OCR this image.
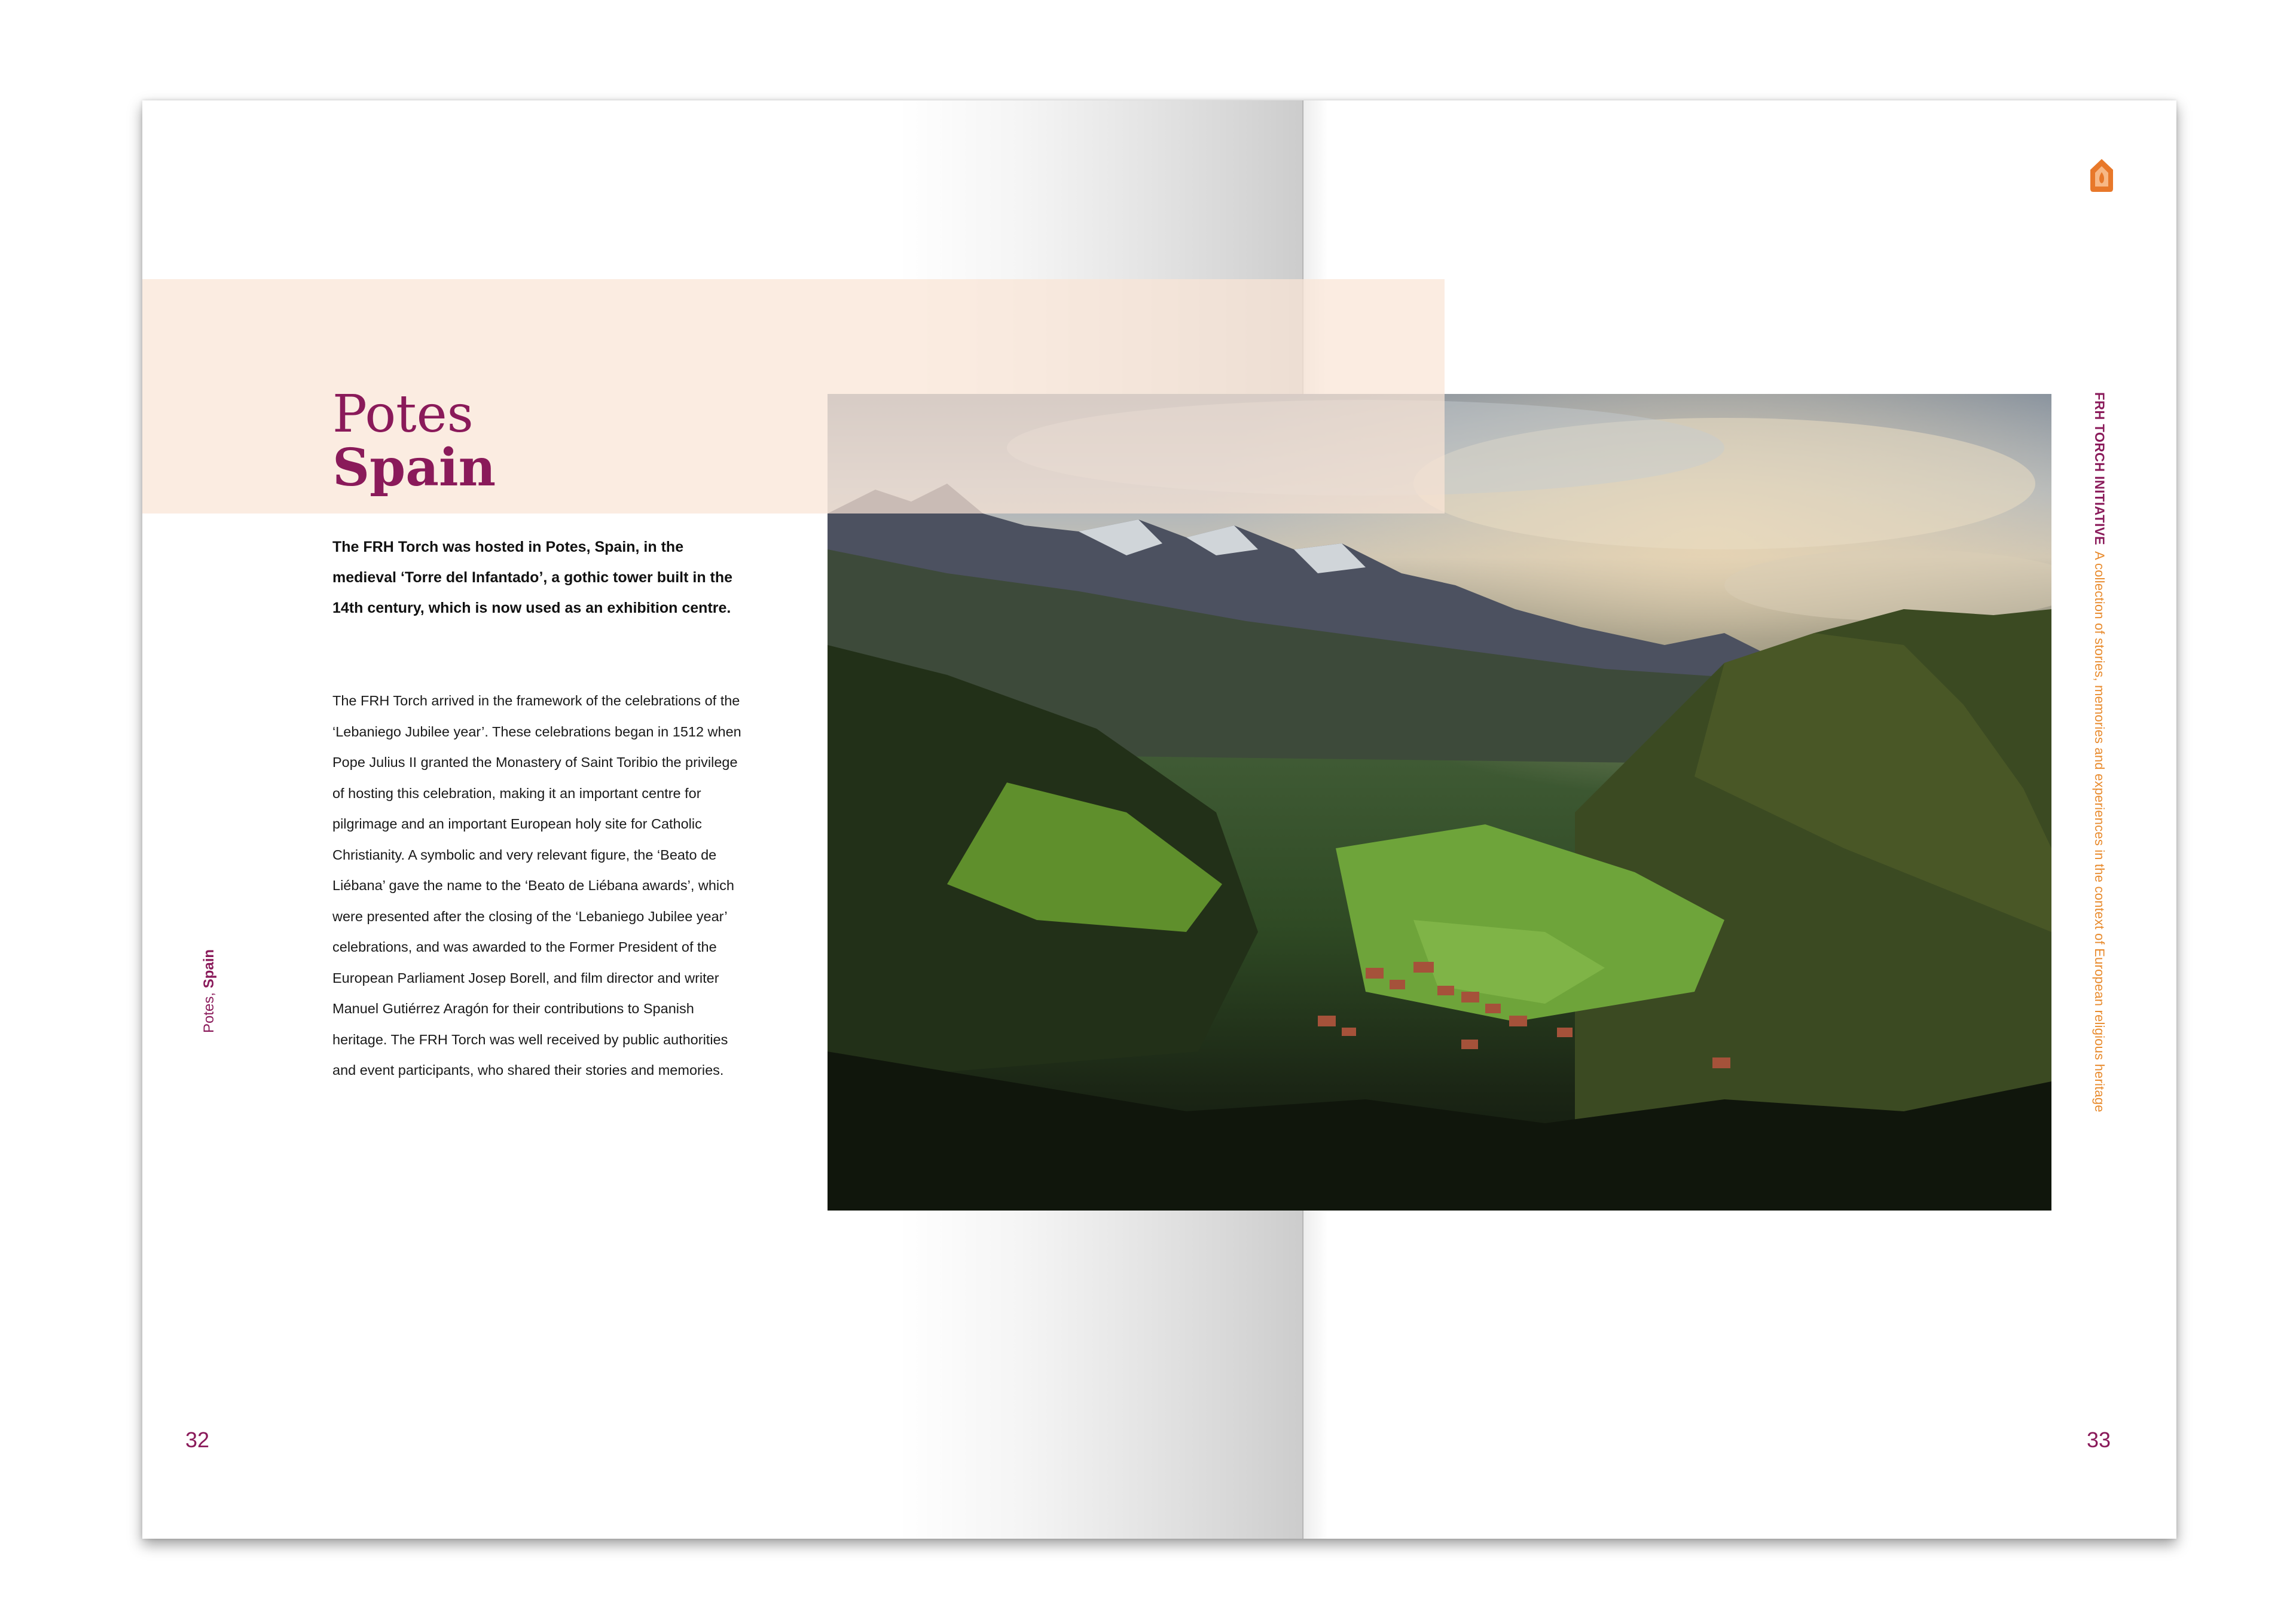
Potes
Spain

The FRH Torch was hosted in Potes, Spain, in the medieval ‘Torre del Infantado’, a gothic tower built in the 14th century, which is now used as an exhibition centre.

The FRH Torch arrived in the framework of the celebrations of the ‘Lebaniego Jubilee year’. These celebrations began in 1512 when Pope Julius II granted the Monastery of Saint Toribio the privilege of hosting this celebration, making it an important centre for pilgrimage and an important European holy site for Catholic Christianity. A symbolic and very relevant figure, the ‘Beato de Liébana’ gave the name to the ‘Beato de Liébana awards’, which were presented after the closing of the ‘Lebaniego Jubilee year’ celebrations, and was awarded to the Former President of the European Parliament Josep Borell, and film director and writer Manuel Gutiérrez Aragón for their contributions to Spanish heritage. The FRH Torch was well received by public authorities and event participants, who shared their stories and memories.

Potes, Spain
FRH TORCH INITIATIVEA collection of stories, memories and experiences in the context of European religious heritage
32	33
